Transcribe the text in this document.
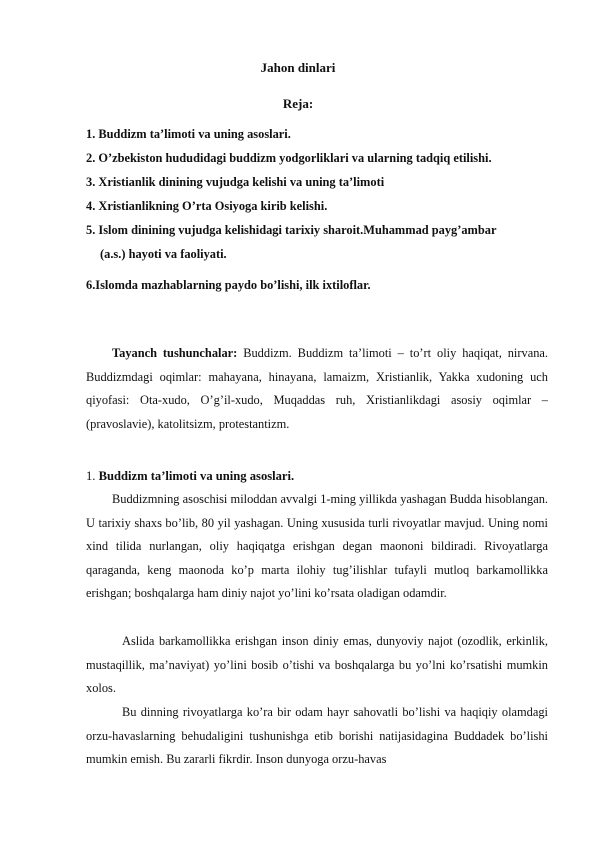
Jahon dinlari
Reja:
1. Buddizm ta’limoti va uning asoslari.
2. O’zbekiston hududidagi buddizm yodgorliklari va ularning tadqiq etilishi.
3. Xristianlik dinining vujudga kelishi va uning ta’limoti
4. Xristianlikning O’rta Osiyoga kirib kelishi.
5. Islom dinining vujudga kelishidagi tarixiy sharoit.Muhammad payg’ambar
(a.s.) hayoti va faoliyati.
6.Islomda mazhablarning paydo bo’lishi, ilk ixtiloflar.
Tayanch tushunchalar: Buddizm. Buddizm ta’limoti – to’rt oliy haqiqat, nirvana. Buddizmdagi oqimlar: mahayana, hinayana, lamaizm, Xristianlik, Yakka xudoning uch qiyofasi: Ota-xudo, O’g’il-xudo, Muqaddas ruh, Xristianlikdagi asosiy oqimlar – (pravoslavie), katolitsizm, protestantizm.
1. Buddizm ta’limoti va uning asoslari.
Buddizmning asoschisi miloddan avvalgi 1-ming yillikda yashagan Budda hisoblangan. U tarixiy shaxs bo’lib, 80 yil yashagan. Uning xususida turli rivoyatlar mavjud. Uning nomi xind tilida nurlangan, oliy haqiqatga erishgan degan maononi bildiradi. Rivoyatlarga qaraganda, keng maonoda ko’p marta ilohiy tug’ilishlar tufayli mutloq barkamollikka erishgan; boshqalarga ham diniy najot yo’lini ko’rsata oladigan odamdir.
Aslida barkamollikka erishgan inson diniy emas, dunyoviy najot (ozodlik, erkinlik, mustaqillik, ma’naviyat) yo’lini bosib o’tishi va boshqalarga bu yo’lni ko’rsatishi mumkin xolos.
Bu dinning rivoyatlarga ko’ra bir odam hayr sahovatli bo’lishi va haqiqiy olamdagi orzu-havaslarning behudaligini tushunishga etib borishi natijasidagina Buddadek bo’lishi mumkin emish. Bu zararli fikrdir. Inson dunyoga orzu-havas
